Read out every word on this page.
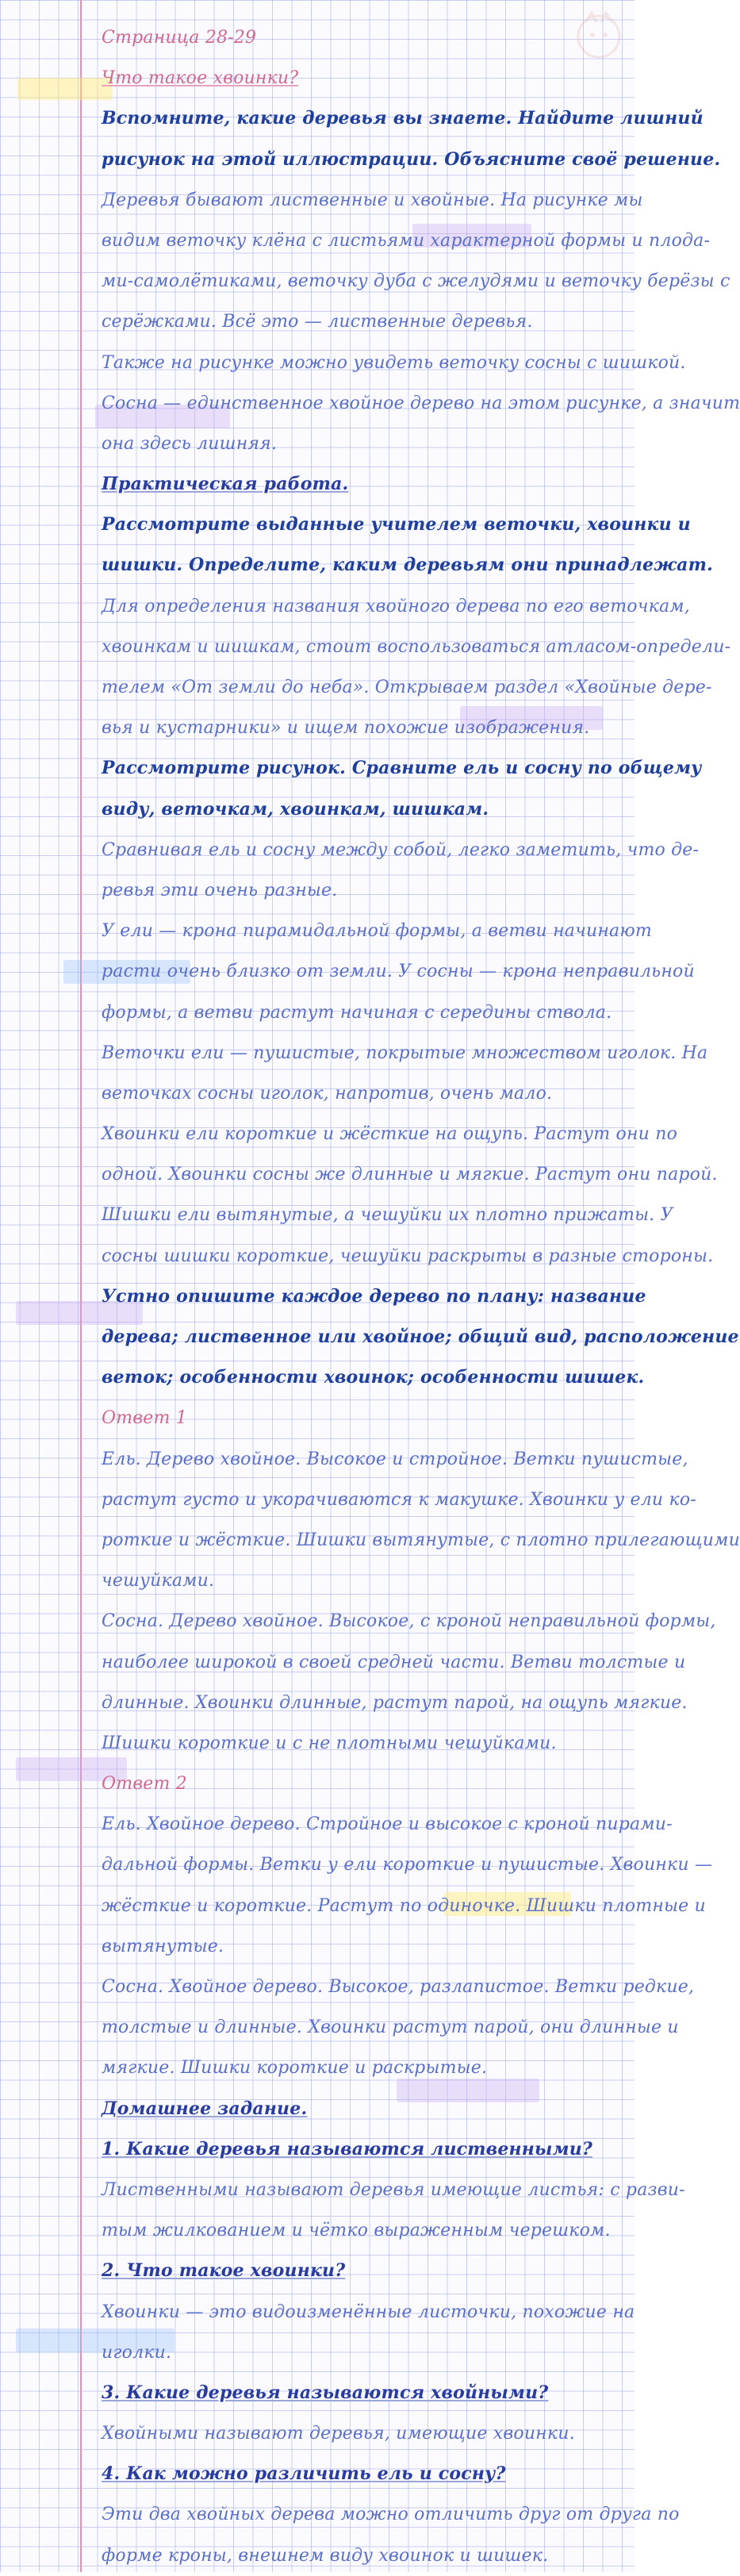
Страница 28-29
Что такое хвоинки?
Вспомните, какие деревья вы знаете. Найдите лишний
рисунок на этой иллюстрации. Объясните своё решение.
Деревья бывают лиственные и хвойные. На рисунке мы
видим веточку клёна с листьями характерной формы и плодa-
ми-самолётиками, веточку дуба с желудями и веточку берёзы с
серёжками. Всё это — лиственные деревья.
Также на рисунке можно увидеть веточку сосны с шишкой.
Сосна — единственное хвойное дерево на этом рисунке, а значит
она здесь лишняя.
Практическая работа.
Рассмотрите выданные учителем веточки, хвоинки и
шишки. Определите, каким деревьям они принадлежат.
Для определения названия хвойного дерева по его веточкам,
хвоинкам и шишкам, стоит воспользоваться атласом-определи-
телем «От земли до неба». Открываем раздел «Хвойные дере-
вья и кустарники» и ищем похожие изображения.
Рассмотрите рисунок. Сравните ель и сосну по общему
виду, веточкам, хвоинкам, шишкам.
Сравнивая ель и сосну между собой, легко заметить, что де-
ревья эти очень разные.
У ели — крона пирамидальной формы, а ветви начинают
расти очень близко от земли. У сосны — крона неправильной
формы, а ветви растут начиная с середины ствола.
Веточки ели — пушистые, покрытые множеством иголок. На
веточках сосны иголок, напротив, очень мало.
Хвоинки ели короткие и жёсткие на ощупь. Растут они по
одной. Хвоинки сосны же длинные и мягкие. Растут они парой.
Шишки ели вытянутые, а чешуйки их плотно прижаты. У
сосны шишки короткие, чешуйки раскрыты в разные стороны.
Устно опишите каждое дерево по плану: название
дерева; лиственное или хвойное; общий вид, расположение
веток; особенности хвоинок; особенности шишек.
Ответ 1
Ель. Дерево хвойное. Высокое и стройное. Ветки пушистые,
растут густо и укорачиваются к макушке. Хвоинки у ели ко-
роткие и жёсткие. Шишки вытянутые, с плотно прилегающими
чешуйками.
Сосна. Дерево хвойное. Высокое, с кроной неправильной формы,
наиболее широкой в своей средней части. Ветви толстые и
длинные. Хвоинки длинные, растут парой, на ощупь мягкие.
Шишки короткие и с не плотными чешуйками.
Ответ 2
Ель. Хвойное дерево. Стройное и высокое с кроной пирами-
дальной формы. Ветки у ели короткие и пушистые. Хвоинки —
жёсткие и короткие. Растут по одиночке. Шишки плотные и
вытянутые.
Сосна. Хвойное дерево. Высокое, разлапистое. Ветки редкие,
толстые и длинные. Хвоинки растут парой, они длинные и
мягкие. Шишки короткие и раскрытые.
Домашнее задание.
1. Какие деревья называются лиственными?
Лиственными называют деревья имеющие листья: с разви-
тым жилкованием и чётко выраженным черешком.
2. Что такое хвоинки?
Хвоинки — это видоизменённые листочки, похожие на
иголки.
3. Какие деревья называются хвойными?
Хвойными называют деревья, имеющие хвоинки.
4. Как можно различить ель и сосну?
Эти два хвойных дерева можно отличить друг от друга по
форме кроны, внешнем виду хвоинок и шишек.
